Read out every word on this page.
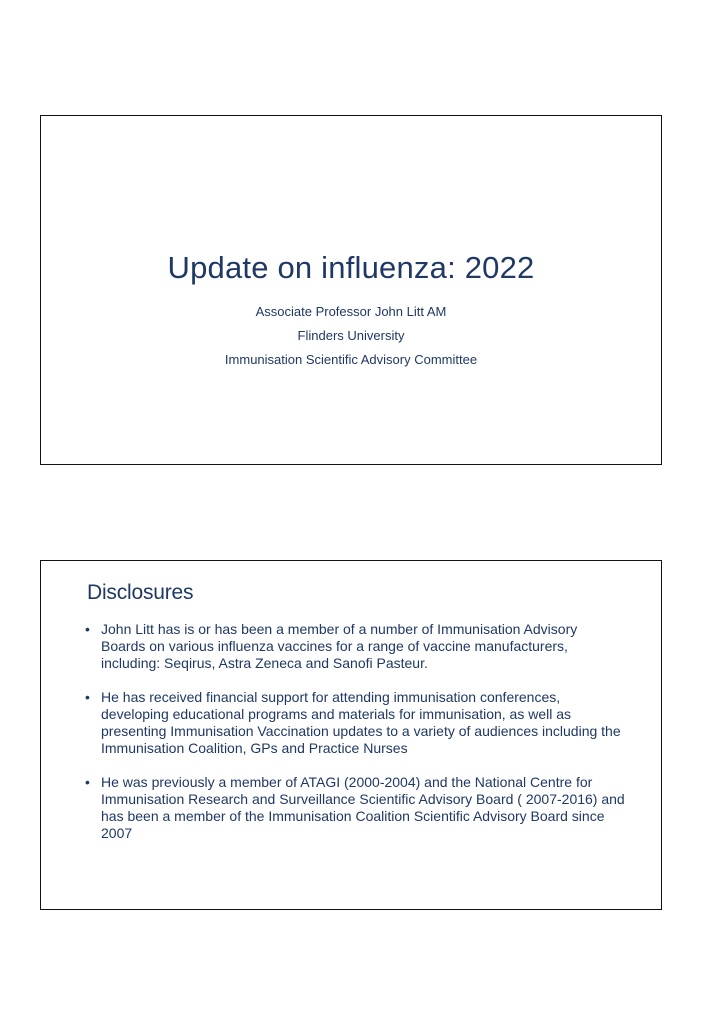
Update on influenza: 2022
Associate Professor John Litt AM
Flinders University
Immunisation Scientific Advisory Committee
Disclosures
• John Litt has is or has been a member of a number of Immunisation Advisory Boards on various influenza vaccines for a range of vaccine manufacturers, including: Seqirus, Astra Zeneca and Sanofi Pasteur.
• He has received financial support for attending immunisation conferences, developing educational programs and materials for immunisation, as well as presenting Immunisation Vaccination updates to a variety of audiences including the Immunisation Coalition, GPs and Practice Nurses
• He was previously a member of ATAGI (2000-2004) and the National Centre for Immunisation Research and Surveillance Scientific Advisory Board ( 2007-2016) and has been a member of the Immunisation Coalition Scientific Advisory Board since 2007
